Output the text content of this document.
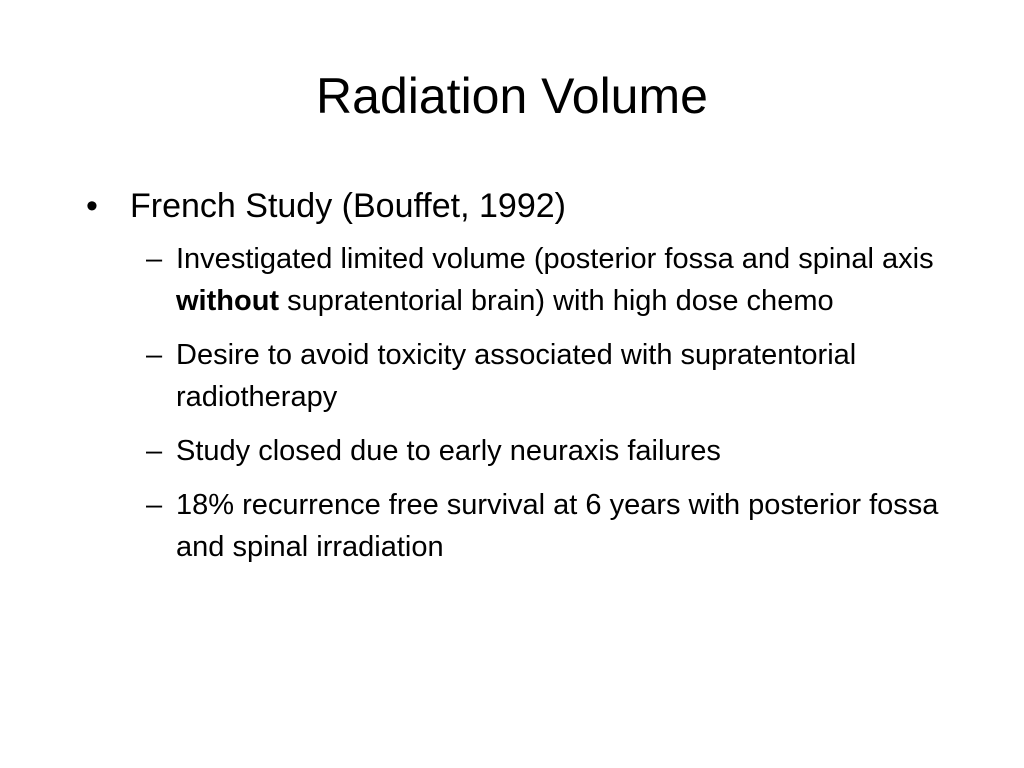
Radiation Volume
• French Study (Bouffet, 1992)
– Investigated limited volume (posterior fossa and spinal axis without supratentorial brain) with high dose chemo
– Desire to avoid toxicity associated with supratentorial radiotherapy
– Study closed due to early neuraxis failures
– 18% recurrence free survival at 6 years with posterior fossa and spinal irradiation
